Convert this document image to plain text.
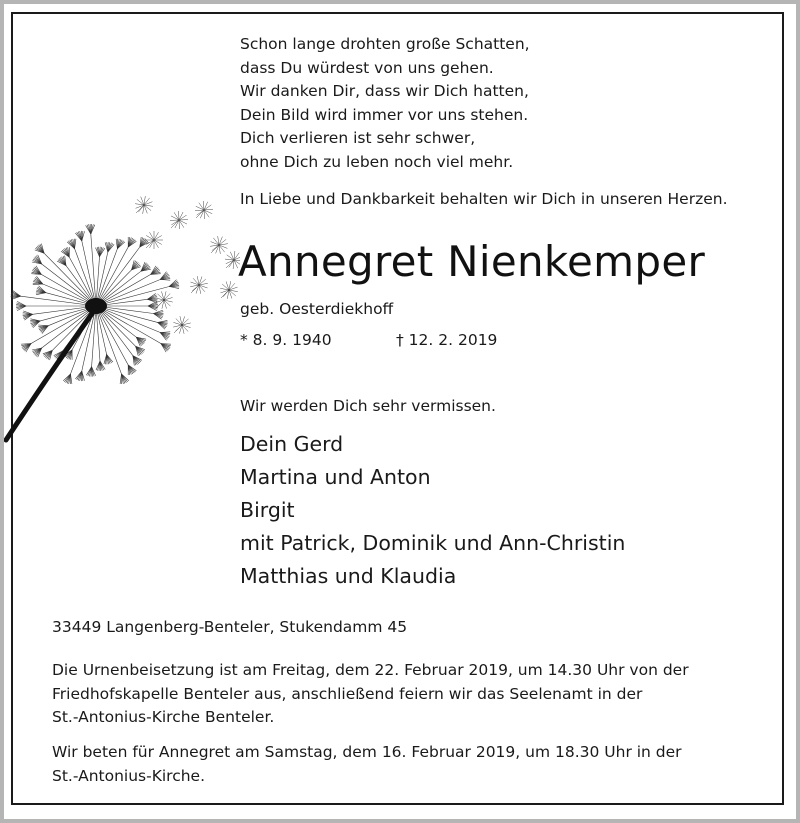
Schon lange drohten große Schatten,
dass Du würdest von uns gehen.
Wir danken Dir, dass wir Dich hatten,
Dein Bild wird immer vor uns stehen.
Dich verlieren ist sehr schwer,
ohne Dich zu leben noch viel mehr.
In Liebe und Dankbarkeit behalten wir Dich in unseren Herzen.
Annegret Nienkemper
geb. Oesterdiekhoff
* 8. 9. 1940	† 12. 2. 2019
Wir werden Dich sehr vermissen.
Dein Gerd
Martina und Anton
Birgit
mit Patrick, Dominik und Ann-Christin
Matthias und Klaudia
33449 Langenberg-Benteler, Stukendamm 45
Die Urnenbeisetzung ist am Freitag, dem 22. Februar 2019, um 14.30 Uhr von der
Friedhofskapelle Benteler aus, anschließend feiern wir das Seelenamt in der
St.-Antonius-Kirche Benteler.
Wir beten für Annegret am Samstag, dem 16. Februar 2019, um 18.30 Uhr in der
St.-Antonius-Kirche.
